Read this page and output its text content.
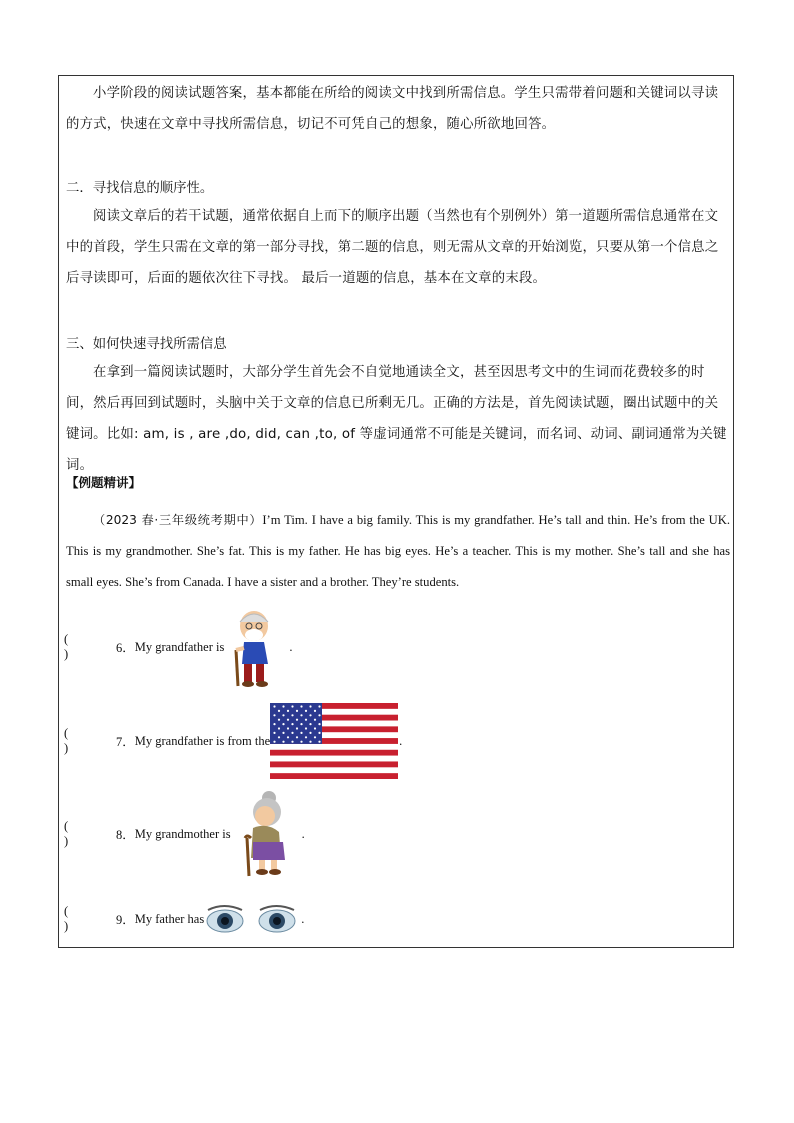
小学阶段的阅读试题答案，基本都能在所给的阅读文中找到所需信息。学生只需带着问题和关键词以寻读的方式，快速在文章中寻找所需信息，切记不可凭自己的想象，随心所欲地回答。

二．寻找信息的顺序性。

阅读文章后的若干试题，通常依据自上而下的顺序出题（当然也有个别例外）第一道题所需信息通常在文中的首段，学生只需在文章的第一部分寻找，第二题的信息，则无需从文章的开始浏览，只要从第一个信息之后寻读即可，后面的题依次往下寻找。 最后一道题的信息，基本在文章的末段。

三、如何快速寻找所需信息

在拿到一篇阅读试题时，大部分学生首先会不自觉地通读全文，甚至因思考文中的生词而花费较多的时间，然后再回到试题时，头脑中关于文章的信息已所剩无几。正确的方法是，首先阅读试题，圈出试题中的关键词。比如: am, is , are ,do, did, can ,to, of 等虚词通常不可能是关键词，而名词、动词、副词通常为关键词。

【例题精讲】

（2023 春·三年级统考期中）I’m Tim. I have a big family. This is my grandfather. He’s tall and thin. He’s from the UK. This is my grandmother. She’s fat. This is my father. He has big eyes. He’s a teacher. This is my mother. She’s tall and she has small eyes. She’s from Canada. I have a sister and a brother. They’re students.

()	6． My grandfather is	.
()	7． My grandfather is from the	.
()	8． My grandmother is	.
()	9． My father has	.
